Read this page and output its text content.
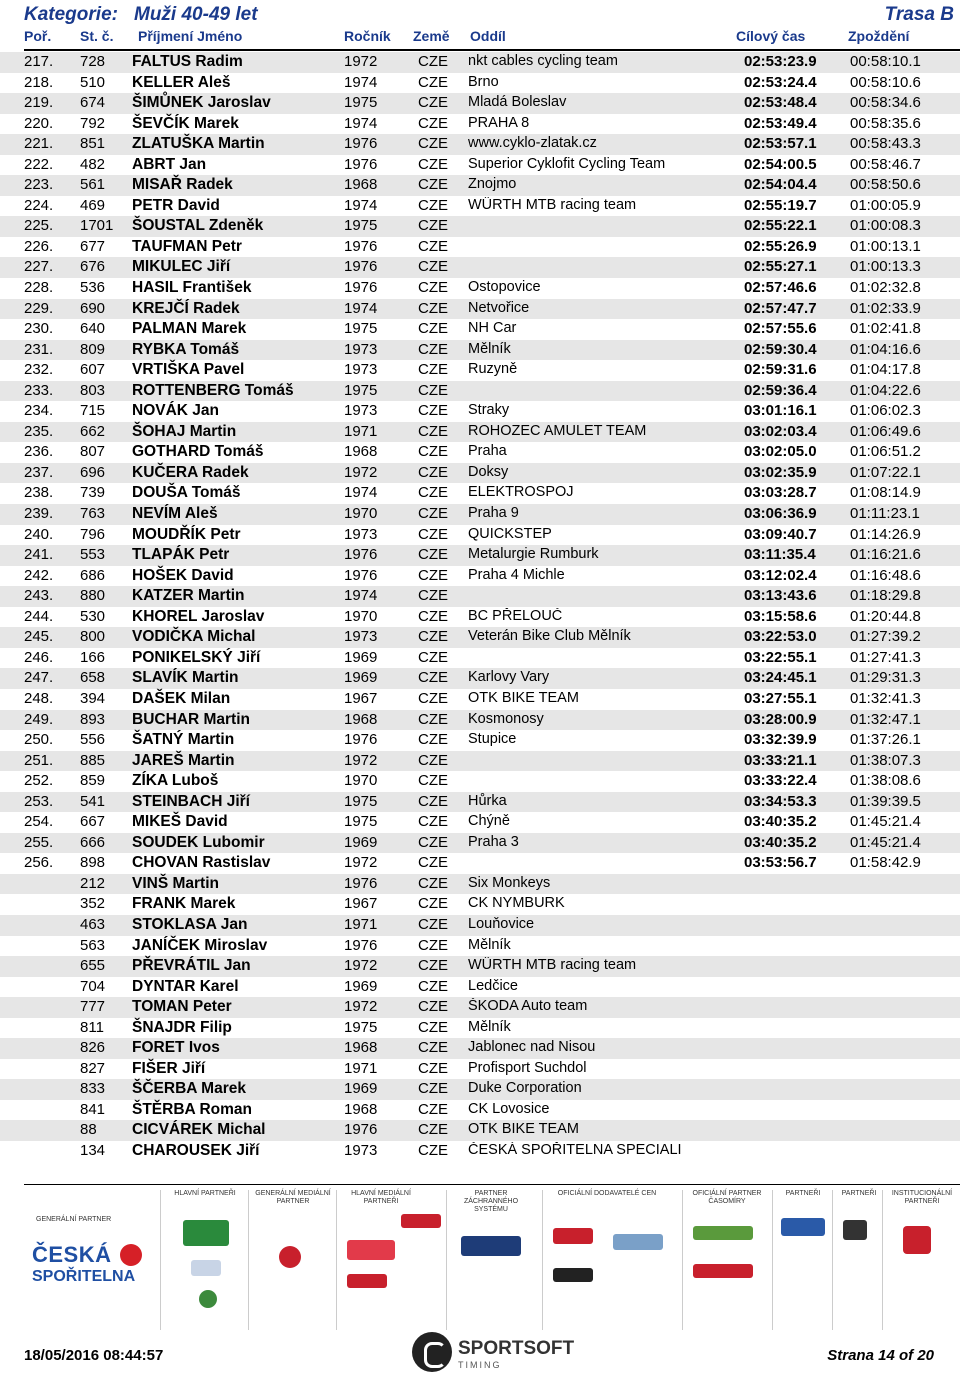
Kategorie: Muži 40-49 let	Trasa B
Poř. St. č. Příjmení Jméno	Ročník Země Oddíl	Cílový čas	Zpoždění
217.	728 FALTUS Radim	1972	CZE nkt cables cycling team	02:53:23.9 00:58:10.1
218.	510 KELLER Aleš	1974	CZE Brno	02:53:24.4 00:58:10.6
219.	674 ŠIMŮNEK Jaroslav	1975	CZE Mladá Boleslav	02:53:48.4 00:58:34.6
220.	792 ŠEVČÍK Marek	1974	CZE PRAHA 8	02:53:49.4 00:58:35.6
221.	851 ZLATUŠKA Martin	1976	CZE www.cyklo-zlatak.cz	02:53:57.1 00:58:43.3
222.	482 ABRT Jan	1976	CZE Superior Cyklofit Cycling Team	02:54:00.5 00:58:46.7
223.	561 MISAŘ Radek	1968	CZE Znojmo	02:54:04.4 00:58:50.6
224.	469 PETR David	1974	CZE WÜRTH MTB racing team	02:55:19.7 01:00:05.9
225.	1701 ŠOUSTAL Zdeněk	1975	CZE	02:55:22.1 01:00:08.3
226.	677 TAUFMAN Petr	1976	CZE	02:55:26.9 01:00:13.1
227.	676 MIKULEC Jiří	1976	CZE	02:55:27.1 01:00:13.3
228.	536 HASIL František	1976	CZE Ostopovice	02:57:46.6 01:02:32.8
229.	690 KREJČÍ Radek	1974	CZE Netvořice	02:57:47.7 01:02:33.9
230.	640 PALMAN Marek	1975	CZE NH Car	02:57:55.6 01:02:41.8
231.	809 RYBKA Tomáš	1973	CZE Mělník	02:59:30.4 01:04:16.6
232.	607 VRTIŠKA Pavel	1973	CZE Ruzyně	02:59:31.6 01:04:17.8
233.	803 ROTTENBERG Tomáš	1975	CZE	02:59:36.4 01:04:22.6
234.	715 NOVÁK Jan	1973	CZE Straky	03:01:16.1 01:06:02.3
235.	662 ŠOHAJ Martin	1971	CZE ROHOZEC AMULET TEAM	03:02:03.4 01:06:49.6
236.	807 GOTHARD Tomáš	1968	CZE Praha	03:02:05.0 01:06:51.2
237.	696 KUČERA Radek	1972	CZE Doksy	03:02:35.9 01:07:22.1
238.	739 DOUŠA Tomáš	1974	CZE ELEKTROSPOJ	03:03:28.7 01:08:14.9
239.	763 NEVÍM Aleš	1970	CZE Praha 9	03:06:36.9 01:11:23.1
240.	796 MOUDŘÍK Petr	1973	CZE QUICKSTEP	03:09:40.7 01:14:26.9
241.	553 TLAPÁK Petr	1976	CZE Metalurgie Rumburk	03:11:35.4 01:16:21.6
242.	686 HOŠEK David	1976	CZE Praha 4 Michle	03:12:02.4 01:16:48.6
243.	880 KATZER Martin	1974	CZE	03:13:43.6 01:18:29.8
244.	530 KHOREL Jaroslav	1970	CZE BC PŘELOUČ	03:15:58.6 01:20:44.8
245.	800 VODIČKA Michal	1973	CZE Veterán Bike Club Mělník	03:22:53.0 01:27:39.2
246.	166 PONIKELSKÝ Jiří	1969	CZE	03:22:55.1 01:27:41.3
247.	658 SLAVÍK Martin	1969	CZE Karlovy Vary	03:24:45.1 01:29:31.3
248.	394 DAŠEK Milan	1967	CZE OTK BIKE TEAM	03:27:55.1 01:32:41.3
249.	893 BUCHAR Martin	1968	CZE Kosmonosy	03:28:00.9 01:32:47.1
250.	556 ŠATNÝ Martin	1976	CZE Stupice	03:32:39.9 01:37:26.1
251.	885 JAREŠ Martin	1972	CZE	03:33:21.1 01:38:07.3
252.	859 ZÍKA Luboš	1970	CZE	03:33:22.4 01:38:08.6
253.	541 STEINBACH Jiří	1975	CZE Hůrka	03:34:53.3 01:39:39.5
254.	667 MIKEŠ David	1975	CZE Chýně	03:40:35.2 01:45:21.4
255.	666 SOUDEK Lubomir	1969	CZE Praha 3	03:40:35.2 01:45:21.4
256.	898 CHOVAN Rastislav	1972	CZE	03:53:56.7 01:58:42.9
212 VINŠ Martin	1976	CZE Six Monkeys
352 FRANK Marek	1967	CZE CK NYMBURK
463 STOKLASA Jan	1971	CZE Louňovice
563 JANÍČEK Miroslav	1976	CZE Mělník
655 PŘEVRÁTIL Jan	1972	CZE WÜRTH MTB racing team
704 DYNTAR Karel	1969	CZE Ledčice
777 TOMAN Peter	1972	CZE ŠKODA Auto team
811 ŠNAJDR Filip	1975	CZE Mělník
826 FORET Ivos	1968	CZE Jablonec nad Nisou
827 FIŠER Jiří	1971	CZE Profisport Suchdol
833 ŠČERBA Marek	1969	CZE Duke Corporation
841 ŠTĚRBA Roman	1968	CZE CK Lovosice
88 CICVÁREK Michal	1976	CZE OTK BIKE TEAM
134 CHAROUSEK Jiří	1973	CZE ČESKÁ SPOŘITELNA SPECIALI
ČESKÁ
SPOŘITELNA
GENERÁLNÍ PARTNER
HLAVNÍ PARTNEŘI	GENERÁLNÍ MEDIÁLNÍ PARTNER
HLAVNÍ MEDIÁLNÍ PARTNEŘI
PARTNER ZÁCHRANNÉHO SYSTÉMU
OFICIÁLNÍ DODAVATELÉ CEN	OFICIÁLNÍ PARTNER ČASOMÍRY
PARTNEŘI	PARTNEŘI	INSTITUCIONÁLNÍ PARTNEŘI
18/05/2016 08:44:57	SPORTSOFT
TIMING
Strana 14 of 20
